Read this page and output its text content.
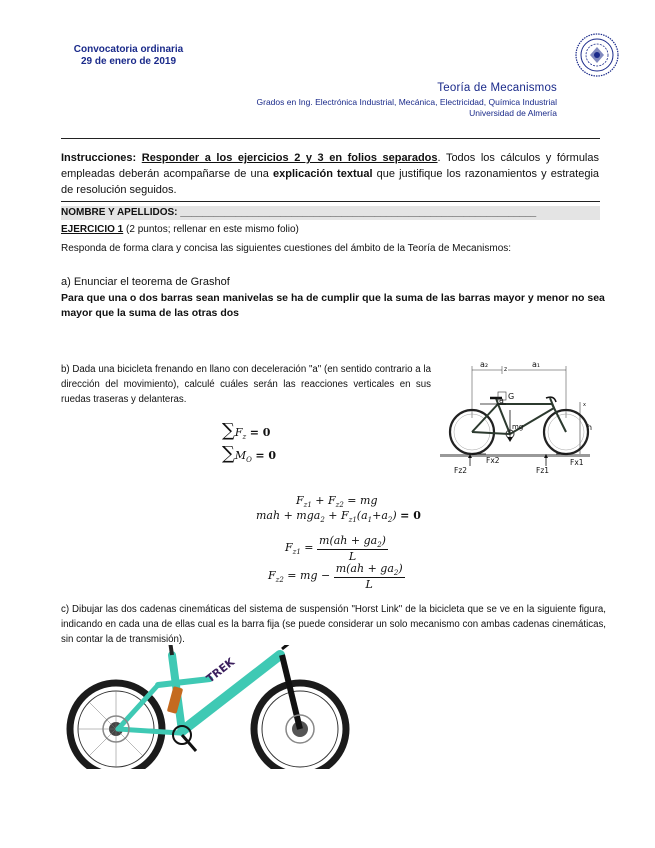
Convocatoria ordinaria
29 de enero de 2019
Teoría de Mecanismos
Grados en Ing. Electrónica Industrial, Mecánica, Electricidad, Química Industrial
Universidad de Almería
Instrucciones: Responder a los ejercicios 2 y 3 en folios separados. Todos los cálculos y fórmulas empleadas deberán acompañarse de una explicación textual que justifique los razonamientos y estrategia de resolución seguidos.
NOMBRE Y APELLIDOS: ________________________________________________________________
EJERCICIO 1 (2 puntos; rellenar en este mismo folio)
Responda de forma clara y concisa las siguientes cuestiones del ámbito de la Teoría de Mecanismos:
a) Enunciar el teorema de Grashof
Para que una o dos barras sean manivelas se ha de cumplir que la suma de las barras mayor y menor no sea mayor que la suma de las otras dos
b) Dada una bicicleta frenando en llano con deceleración "a" (en sentido contrario a la dirección del movimiento), calculé cuáles serán las reacciones verticales en sus ruedas traseras y delanteras.
$\sum F_z = 0$
$\sum M_O = 0$
$F_{z1} + F_{z2}$ = mg
mah + $mga_2 + F_{z1}(a_1+a_2) = 0$
$F_{z1} = \frac{m(ah + ga_2)}{L}$
$F_{z2}$ = mg − $\frac{m(ah + ga_2)}{L}$
a₂
z
a₁
a G
mg
x
h
Fz2
Fx2
Fz1
Fx1
c) Dibujar las dos cadenas cinemáticas del sistema de suspensión "Horst Link" de la bicicleta que se ve en la siguiente figura, indicando en cada una de ellas cual es la barra fija (se puede considerar un solo mecanismo con ambas cadenas cinemáticas, sin contar la de transmisión).
TREK
